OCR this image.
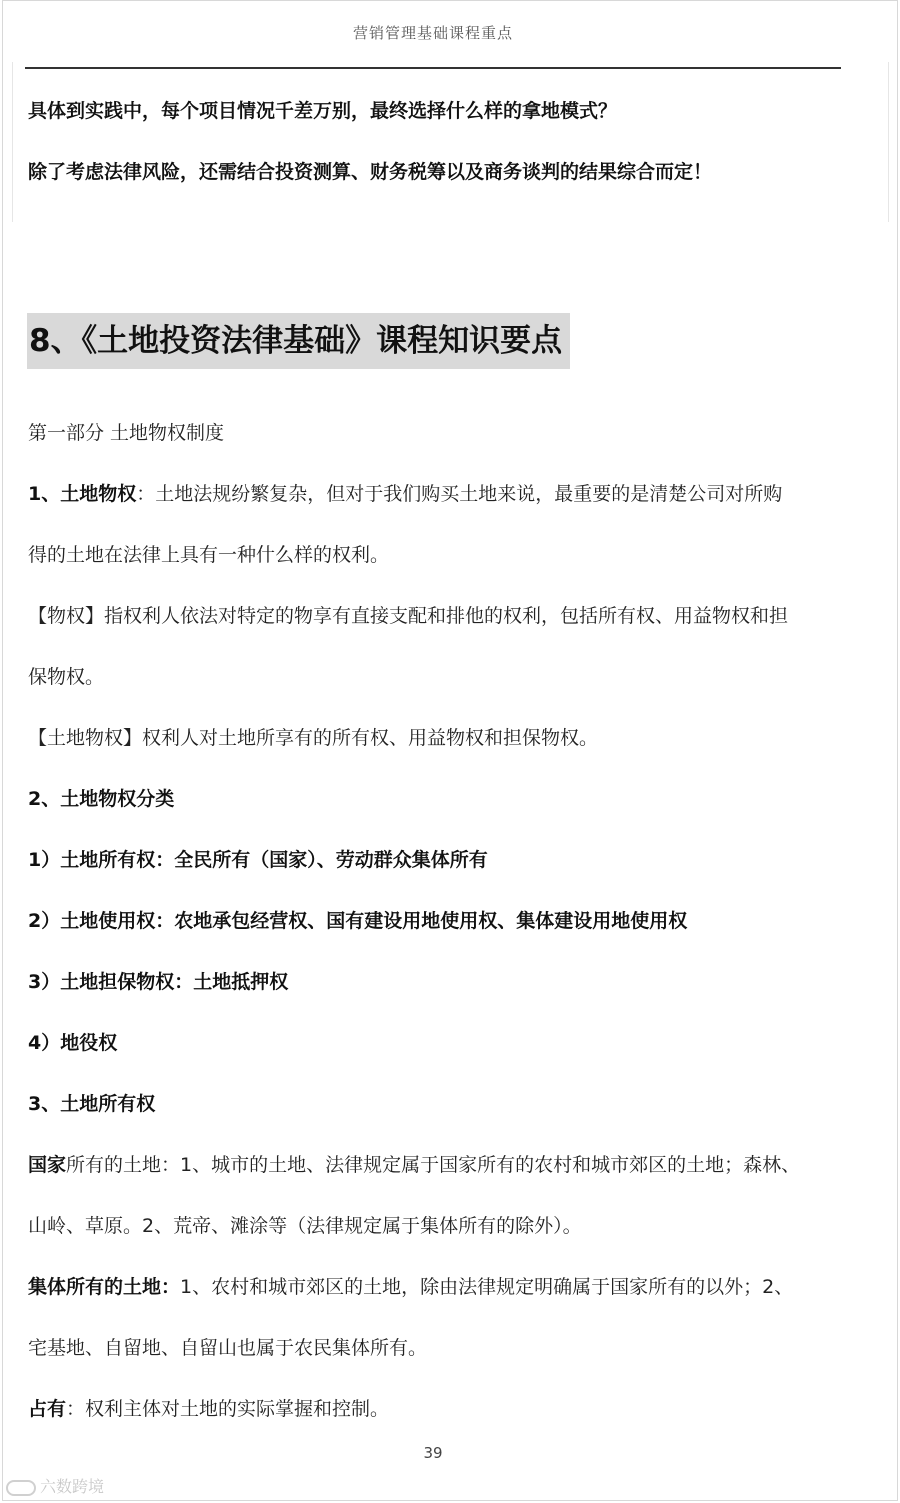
营销管理基础课程重点
具体到实践中，每个项目情况千差万别，最终选择什么样的拿地模式？
除了考虑法律风险，还需结合投资测算、财务税筹以及商务谈判的结果综合而定！
8、《土地投资法律基础》课程知识要点
第一部分 土地物权制度
1、土地物权：土地法规纷繁复杂，但对于我们购买土地来说，最重要的是清楚公司对所购
得的土地在法律上具有一种什么样的权利。
【物权】指权利人依法对特定的物享有直接支配和排他的权利，包括所有权、用益物权和担
保物权。
【土地物权】权利人对土地所享有的所有权、用益物权和担保物权。
2、土地物权分类
1）土地所有权：全民所有（国家）、劳动群众集体所有
2）土地使用权：农地承包经营权、国有建设用地使用权、集体建设用地使用权
3）土地担保物权：土地抵押权
4）地役权
3、土地所有权
国家所有的土地：1、城市的土地、法律规定属于国家所有的农村和城市郊区的土地；森林、
山岭、草原。2、荒帝、滩涂等（法律规定属于集体所有的除外）。
集体所有的土地：1、农村和城市郊区的土地，除由法律规定明确属于国家所有的以外；2、
宅基地、自留地、自留山也属于农民集体所有。
占有：权利主体对土地的实际掌握和控制。
39
六数跨境
